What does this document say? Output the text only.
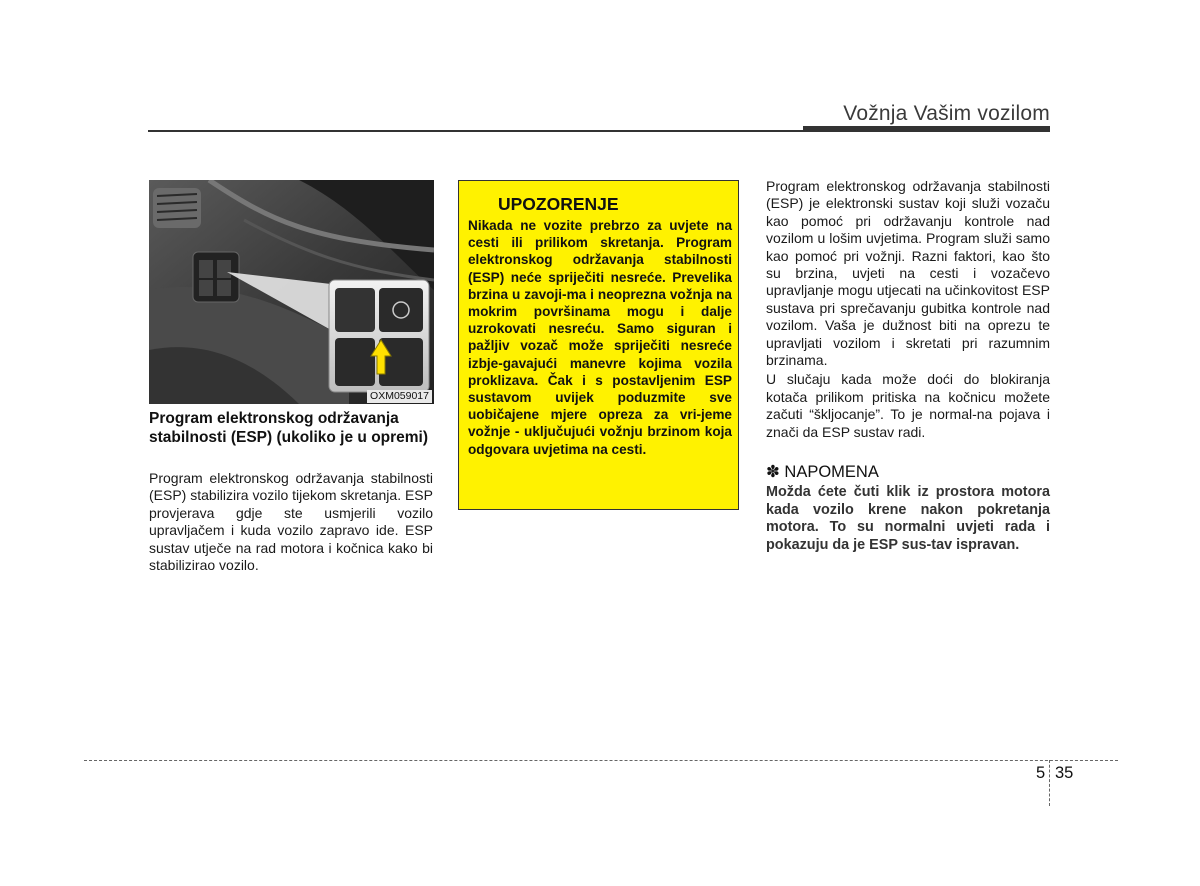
Vožnja Vašim vozilom
OXM059017
Program elektronskog održavanja stabilnosti (ESP) (ukoliko je u opremi)
Program elektronskog održavanja stabilnosti (ESP) stabilizira vozilo tijekom skretanja. ESP provjerava gdje ste usmjerili vozilo upravljačem i kuda vozilo zapravo ide. ESP sustav utječe na rad motora i kočnica kako bi stabilizirao vozilo.
UPOZORENJE
Nikada ne vozite prebrzo za uvjete na cesti ili prilikom skretanja. Program elektronskog održavanja stabilnosti (ESP) neće spriječiti nesreće. Prevelika brzina u zavoji-ma i neoprezna vožnja na mokrim površinama mogu i dalje uzrokovati nesreću. Samo siguran i pažljiv vozač može spriječiti nesreće izbje-gavajući manevre kojima vozila proklizava. Čak i s postavljenim ESP sustavom uvijek poduzmite sve uobičajene mjere opreza za vri-jeme vožnje - uključujući vožnju brzinom koja odgovara uvjetima na cesti.
Program elektronskog održavanja stabilnosti (ESP) je elektronski sustav koji služi vozaču kao pomoć pri održavanju kontrole nad vozilom u lošim uvjetima. Program služi samo kao pomoć pri vožnji. Razni faktori, kao što su brzina, uvjeti na cesti i vozačevo upravljanje mogu utjecati na učinkovitost ESP sustava pri sprečavanju gubitka kontrole nad vozilom. Vaša je dužnost biti na oprezu te upravljati vozilom i skretati pri razumnim brzinama.
U slučaju kada može doći do blokiranja kotača prilikom pritiska na kočnicu možete začuti “škljocanje”. To je normal-na pojava i znači da ESP sustav radi.
✽ NAPOMENA
Možda ćete čuti klik iz prostora motora kada vozilo krene nakon pokretanja motora. To su normalni uvjeti rada i pokazuju da je ESP sus-tav ispravan.
5 35
